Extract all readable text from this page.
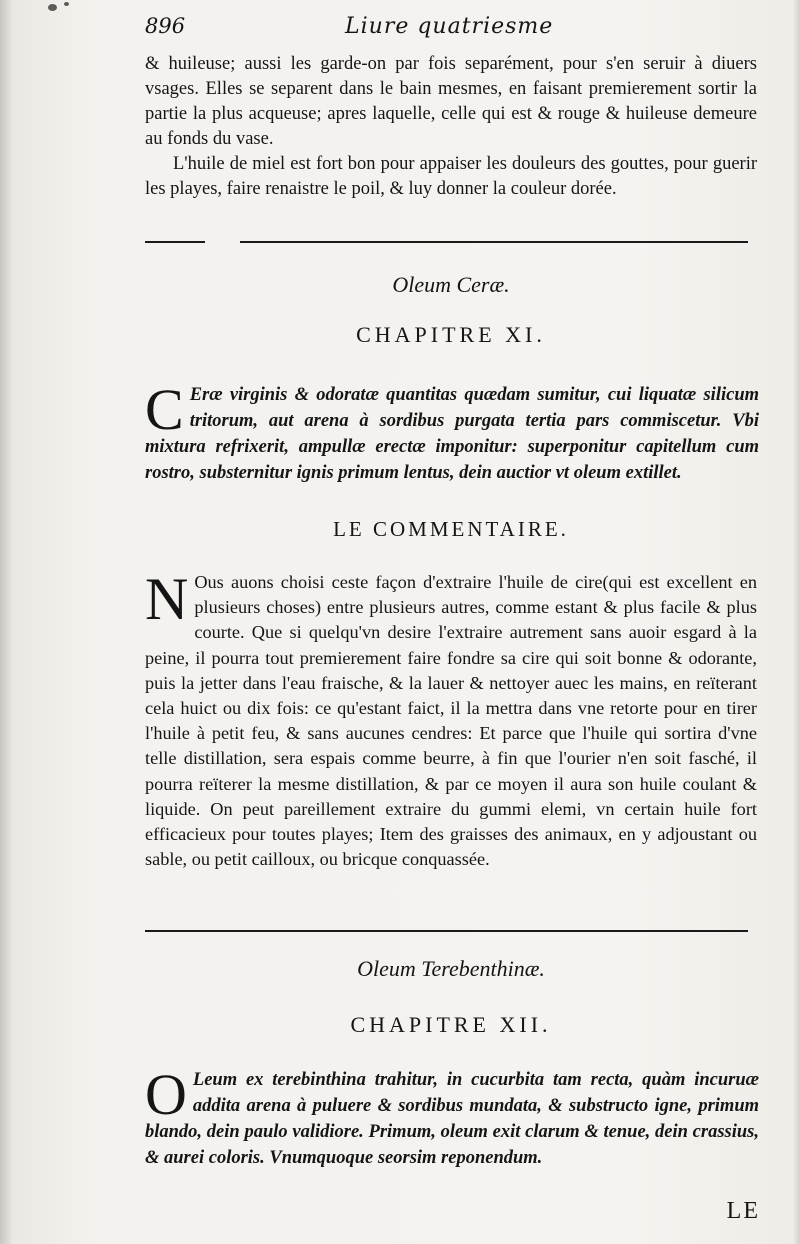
896	Liure quatriesme

& huileuse; aussi les garde-on par fois separément, pour s'en seruir à diuers vsages. Elles se separent dans le bain mesmes, en faisant premierement sortir la partie la plus acqueuse; apres laquelle, celle qui est & rouge & huileuse demeure au fonds du vase.

L'huile de miel est fort bon pour appaiser les douleurs des gouttes, pour guerir les playes, faire renaistre le poil, & luy donner la couleur dorée.

Oleum Ceræ.
CHAPITRE XI.
C Eræ virginis & odoratæ quantitas quædam sumitur, cui liquatæ silicum tritorum, aut arena à sordibus purgata tertia pars commiscetur. Vbi mixtura refrixerit, ampullæ erectæ imponitur: superponitur capitellum cum rostro, substernitur ignis primum lentus, dein auctior vt oleum extillet.
LE COMMENTAIRE.

N Ous auons choisi ceste façon d'extraire l'huile de cire(qui est excellent en plusieurs choses) entre plusieurs autres, comme estant & plus facile & plus courte. Que si quelqu'vn desire l'extraire autrement sans auoir esgard à la peine, il pourra tout premierement faire fondre sa cire qui soit bonne & odorante, puis la jetter dans l'eau fraische, & la lauer & nettoyer auec les mains, en reïterant cela huict ou dix fois: ce qu'estant faict, il la mettra dans vne retorte pour en tirer l'huile à petit feu, & sans aucunes cendres: Et parce que l'huile qui sortira d'vne telle distillation, sera espais comme beurre, à fin que l'ourier n'en soit fasché, il pourra reïterer la mesme distillation, & par ce moyen il aura son huile coulant & liquide. On peut pareillement extraire du gummi elemi, vn certain huile fort efficacieux pour toutes playes; Item des graisses des animaux, en y adjoustant ou sable, ou petit cailloux, ou bricque conquassée.

Oleum Terebenthinæ.
CHAPITRE XII.
O Leum ex terebinthina trahitur, in cucurbita tam recta, quàm incuruæ addita arena à puluere & sordibus mundata, & substructo igne, primum blando, dein paulo validiore. Primum, oleum exit clarum & tenue, dein crassius, & aurei coloris. Vnumquoque seorsim reponendum.
LE
